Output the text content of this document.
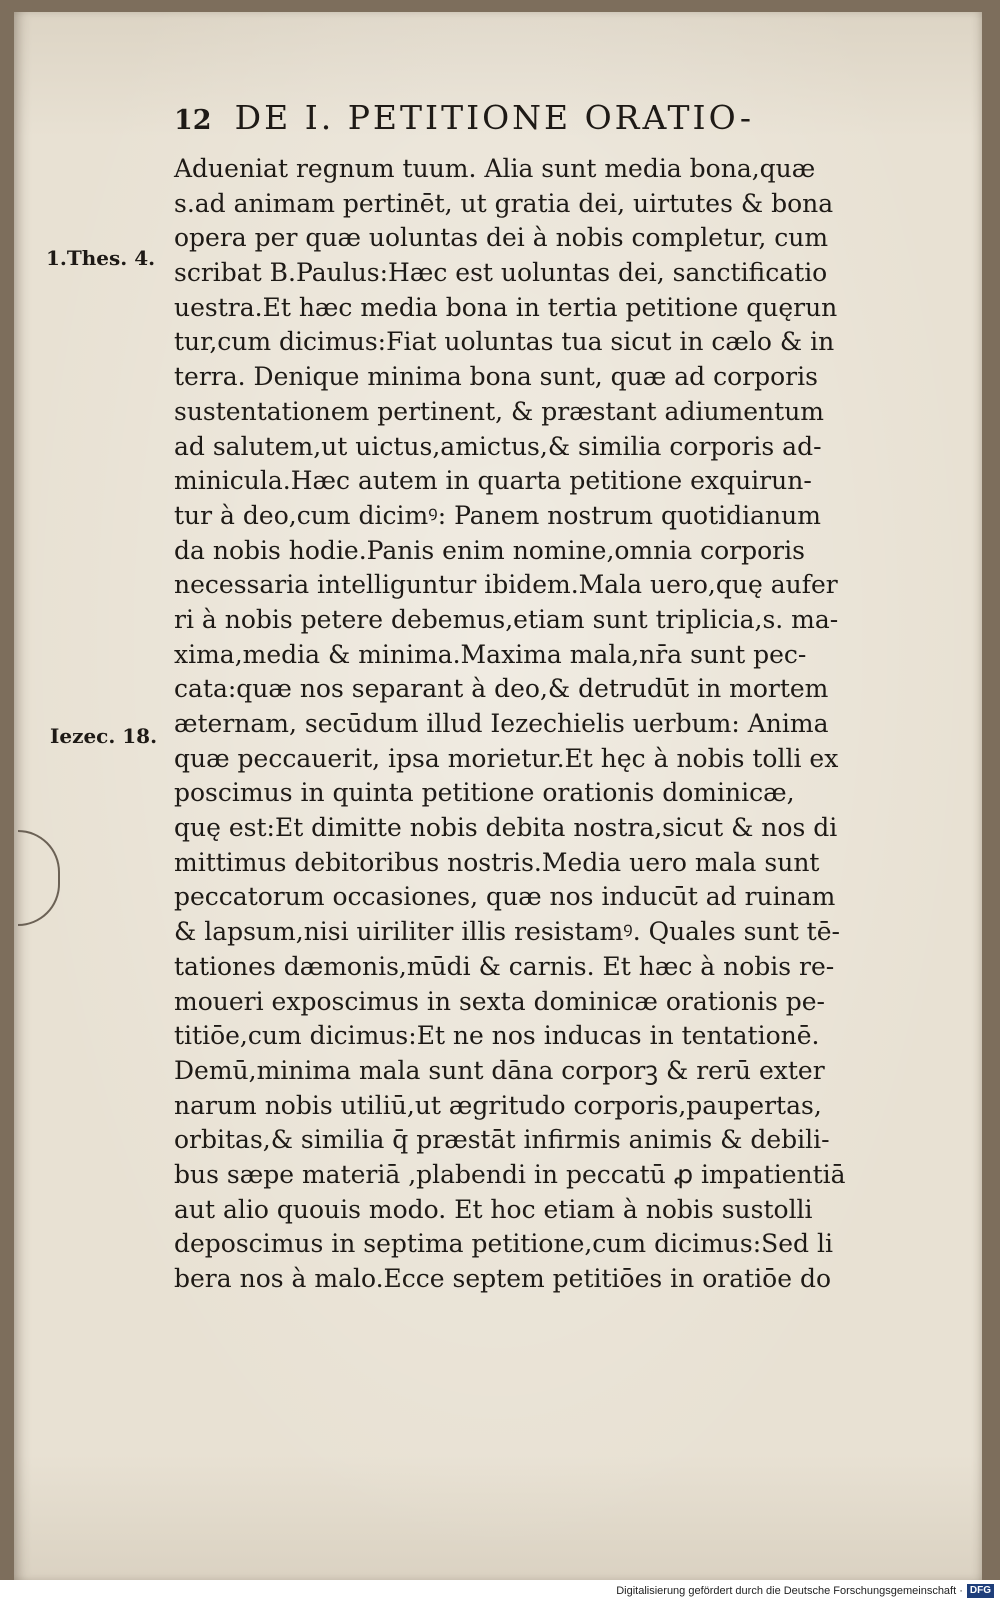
12 DE I. PETITIONE ORATIO-
1.Thes. 4.
Iezec. 18.
Adueniat regnum tuum. Alia sunt media bona,quæ
s.ad animam pertinēt, ut gratia dei, uirtutes & bona
opera per quæ uoluntas dei à nobis completur, cum
scribat B.Paulus:Hæc est uoluntas dei, sanctificatio
uestra.Et hæc media bona in tertia petitione quęrun
tur,cum dicimus:Fiat uoluntas tua sicut in cælo & in
terra. Denique minima bona sunt, quæ ad corporis
sustentationem pertinent, & præstant adiumentum
ad salutem,ut uictus,amictus,& similia corporis ad-
minicula.Hæc autem in quarta petitione exquirun-
tur à deo,cum dicimꝰ: Panem nostrum quotidianum
da nobis hodie.Panis enim nomine,omnia corporis
necessaria intelliguntur ibidem.Mala uero,quę aufer
ri à nobis petere debemus,etiam sunt triplicia,s. ma-
xima,media & minima.Maxima mala,nr̄a sunt pec-
cata:quæ nos separant à deo,& detrudūt in mortem
æternam, secūdum illud Iezechielis uerbum: Anima
quæ peccauerit, ipsa morietur.Et hęc à nobis tolli ex
poscimus in quinta petitione orationis dominicæ,
quę est:Et dimitte nobis debita nostra,sicut & nos di
mittimus debitoribus nostris.Media uero mala sunt
peccatorum occasiones, quæ nos inducūt ad ruinam
& lapsum,nisi uiriliter illis resistamꝰ. Quales sunt tē-
tationes dæmonis,mūdi & carnis. Et hæc à nobis re-
moueri exposcimus in sexta dominicæ orationis pe-
titiōe,cum dicimus:Et ne nos inducas in tentationē.
Demū,minima mala sunt dāna corporꝫ & rerū exter
narum nobis utiliū,ut ægritudo corporis,paupertas,
orbitas,& similia q̄ præstāt infirmis animis & debili-
bus sæpe materiā ,plabendi in peccatū ꝓ impatientiā
aut alio quouis modo. Et hoc etiam à nobis sustolli
deposcimus in septima petitione,cum dicimus:Sed li
bera nos à malo.Ecce septem petitiōes in oratiōe do
Digitalisierung gefördert durch die Deutsche Forschungsgemeinschaft · DFG
